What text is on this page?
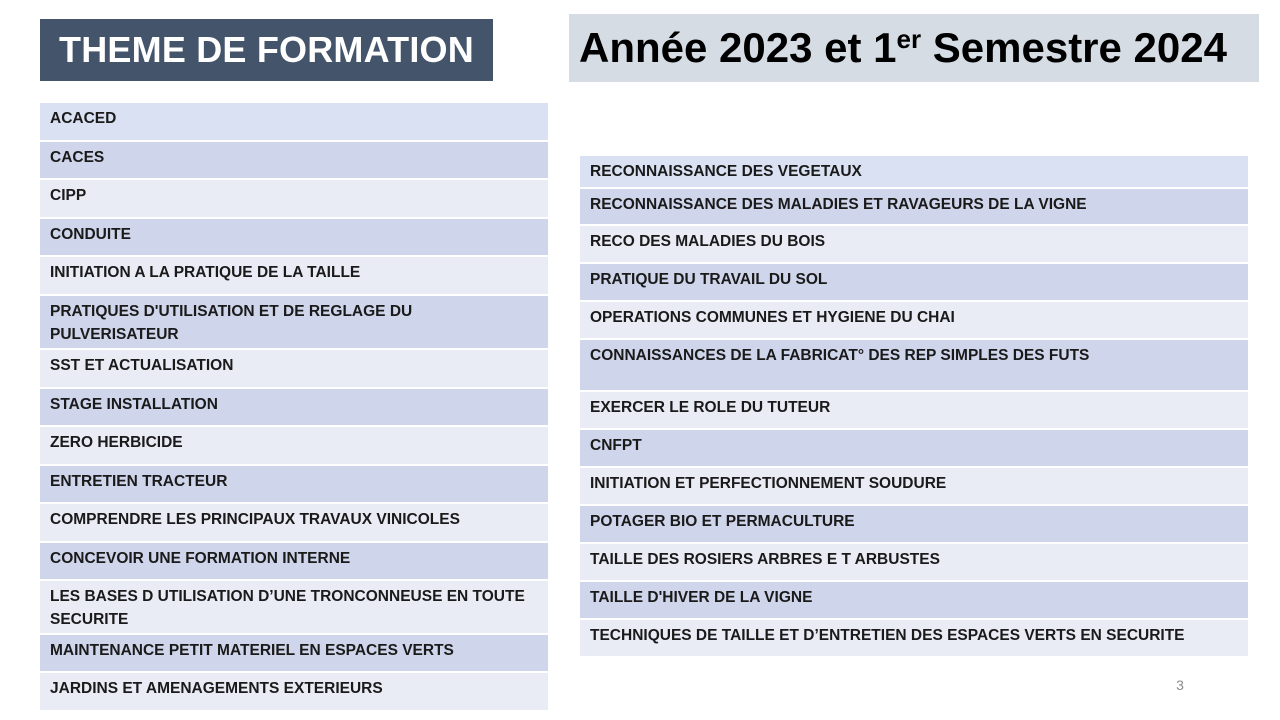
THEME DE FORMATION	Année 2023 et 1er Semestre 2024
ACACED
CACES
CIPP
CONDUITE
INITIATION A LA PRATIQUE DE LA TAILLE
PRATIQUES D'UTILISATION ET DE REGLAGE DU PULVERISATEUR
SST ET ACTUALISATION
STAGE INSTALLATION
ZERO HERBICIDE
ENTRETIEN TRACTEUR
COMPRENDRE LES PRINCIPAUX TRAVAUX VINICOLES
CONCEVOIR UNE FORMATION INTERNE
LES BASES D UTILISATION D’UNE TRONCONNEUSE EN TOUTE SECURITE
MAINTENANCE PETIT MATERIEL EN ESPACES VERTS
JARDINS ET AMENAGEMENTS EXTERIEURS
RECONNAISSANCE DES VEGETAUX
RECONNAISSANCE DES MALADIES ET RAVAGEURS DE LA VIGNE
RECO DES MALADIES DU BOIS
PRATIQUE DU TRAVAIL DU SOL
OPERATIONS COMMUNES ET HYGIENE DU CHAI
CONNAISSANCES DE LA FABRICAT° DES REP SIMPLES DES FUTS
EXERCER LE ROLE DU TUTEUR
CNFPT
INITIATION ET PERFECTIONNEMENT SOUDURE
POTAGER BIO ET PERMACULTURE
TAILLE DES ROSIERS ARBRES E T ARBUSTES
TAILLE D'HIVER DE LA VIGNE
TECHNIQUES DE TAILLE ET D’ENTRETIEN DES ESPACES VERTS EN SECURITE
3
